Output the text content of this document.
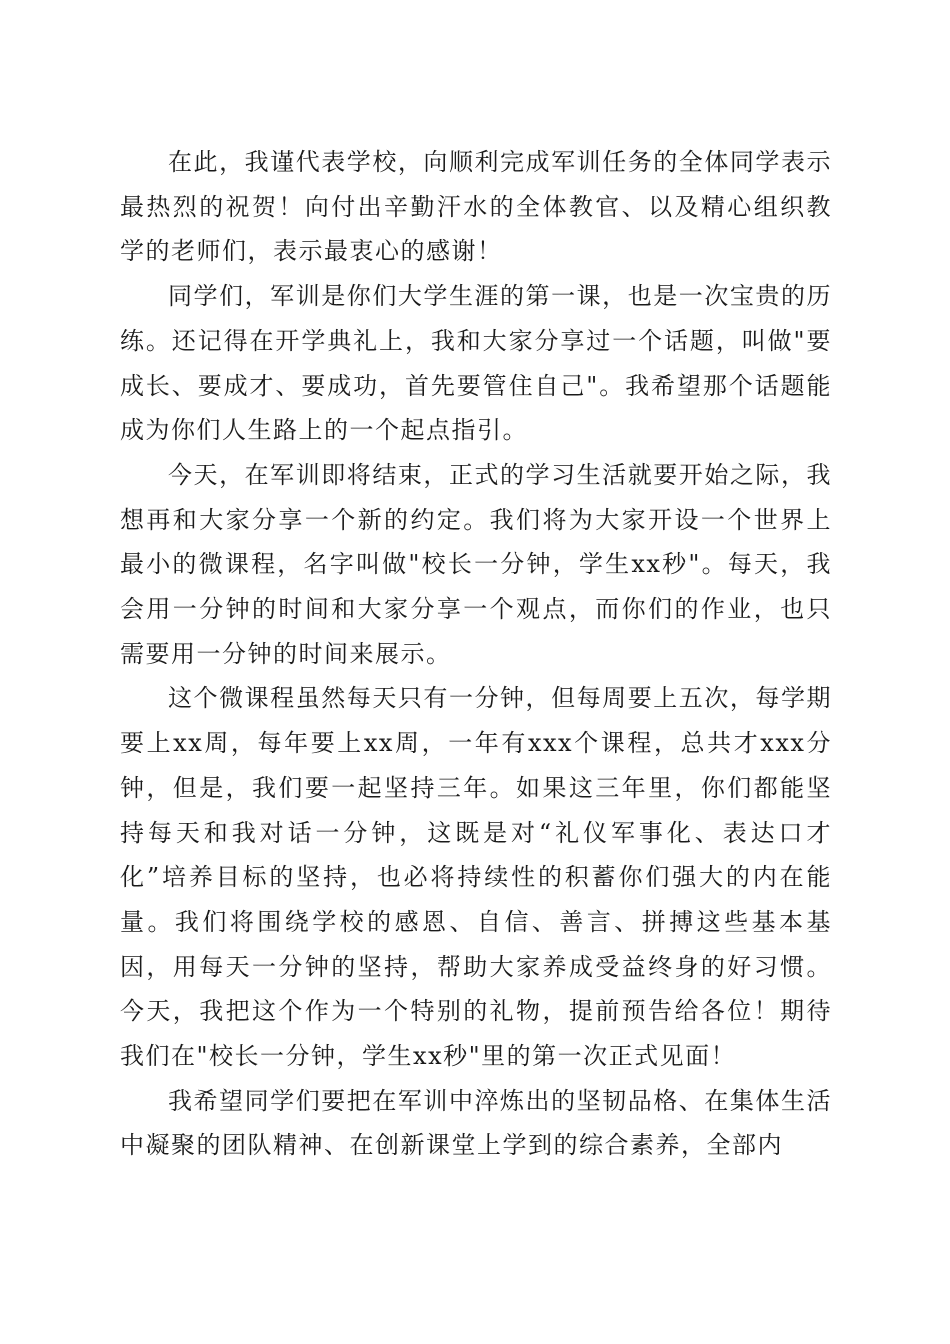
在此，我谨代表学校，向顺利完成军训任务的全体同学表示最热烈的祝贺！向付出辛勤汗水的全体教官、以及精心组织教学的老师们，表示最衷心的感谢！

同学们，军训是你们大学生涯的第一课，也是一次宝贵的历练。还记得在开学典礼上，我和大家分享过一个话题，叫做"要成长、要成才、要成功，首先要管住自己"。我希望那个话题能成为你们人生路上的一个起点指引。

今天，在军训即将结束，正式的学习生活就要开始之际，我想再和大家分享一个新的约定。我们将为大家开设一个世界上最小的微课程，名字叫做"校长一分钟，学生xx秒"。每天，我会用一分钟的时间和大家分享一个观点，而你们的作业，也只需要用一分钟的时间来展示。

这个微课程虽然每天只有一分钟，但每周要上五次，每学期要上xx周，每年要上xx周，一年有xxx个课程，总共才xxx分钟，但是，我们要一起坚持三年。如果这三年里，你们都能坚持每天和我对话一分钟，这既是对“礼仪军事化、表达口才化”培养目标的坚持，也必将持续性的积蓄你们强大的内在能量。我们将围绕学校的感恩、自信、善言、拼搏这些基本基因，用每天一分钟的坚持，帮助大家养成受益终身的好习惯。今天，我把这个作为一个特别的礼物，提前预告给各位！期待我们在"校长一分钟，学生xx秒"里的第一次正式见面！

我希望同学们要把在军训中淬炼出的坚韧品格、在集体生活中凝聚的团队精神、在创新课堂上学到的综合素养，全部内
